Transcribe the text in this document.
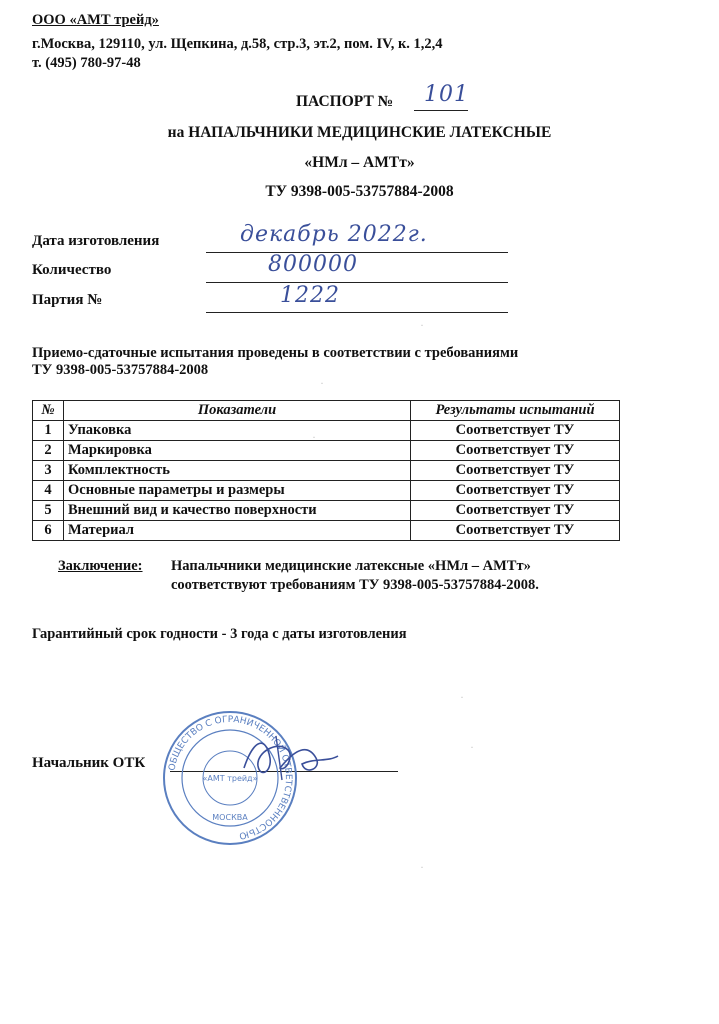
ООО «АМТ трейд»
г.Москва, 129110, ул. Щепкина, д.58, стр.3, эт.2, пом. IV, к. 1,2,4
т. (495) 780-97-48
ПАСПОРТ № 101
на НАПАЛЬЧНИКИ МЕДИЦИНСКИЕ ЛАТЕКСНЫЕ
«НМл – АМТт»
ТУ 9398-005-53757884-2008
Дата изготовления	декабрь 2022г.
Количество	800000
Партия №	1222
Приемо-сдаточные испытания проведены в соответствии с требованиями
ТУ 9398-005-53757884-2008
№	Показатели	Результаты испытаний
1	Упаковка	Соответствует ТУ
2	Маркировка	Соответствует ТУ
3	Комплектность	Соответствует ТУ
4	Основные параметры и размеры	Соответствует ТУ
5	Внешний вид и качество поверхности	Соответствует ТУ
6	Материал	Соответствует ТУ
Заключение: Напальчники медицинские латексные «НМл – АМТт»
соответствуют требованиям ТУ 9398-005-53757884-2008.
Гарантийный срок годности - 3 года с даты изготовления
Начальник ОТК ОБЩЕСТВО С ОГРАНИЧЕННОЙ ОТВЕТСТВЕННОСТЬЮ
«АМТ трейд»
МОСКВА
·
·
·
·
·
·
